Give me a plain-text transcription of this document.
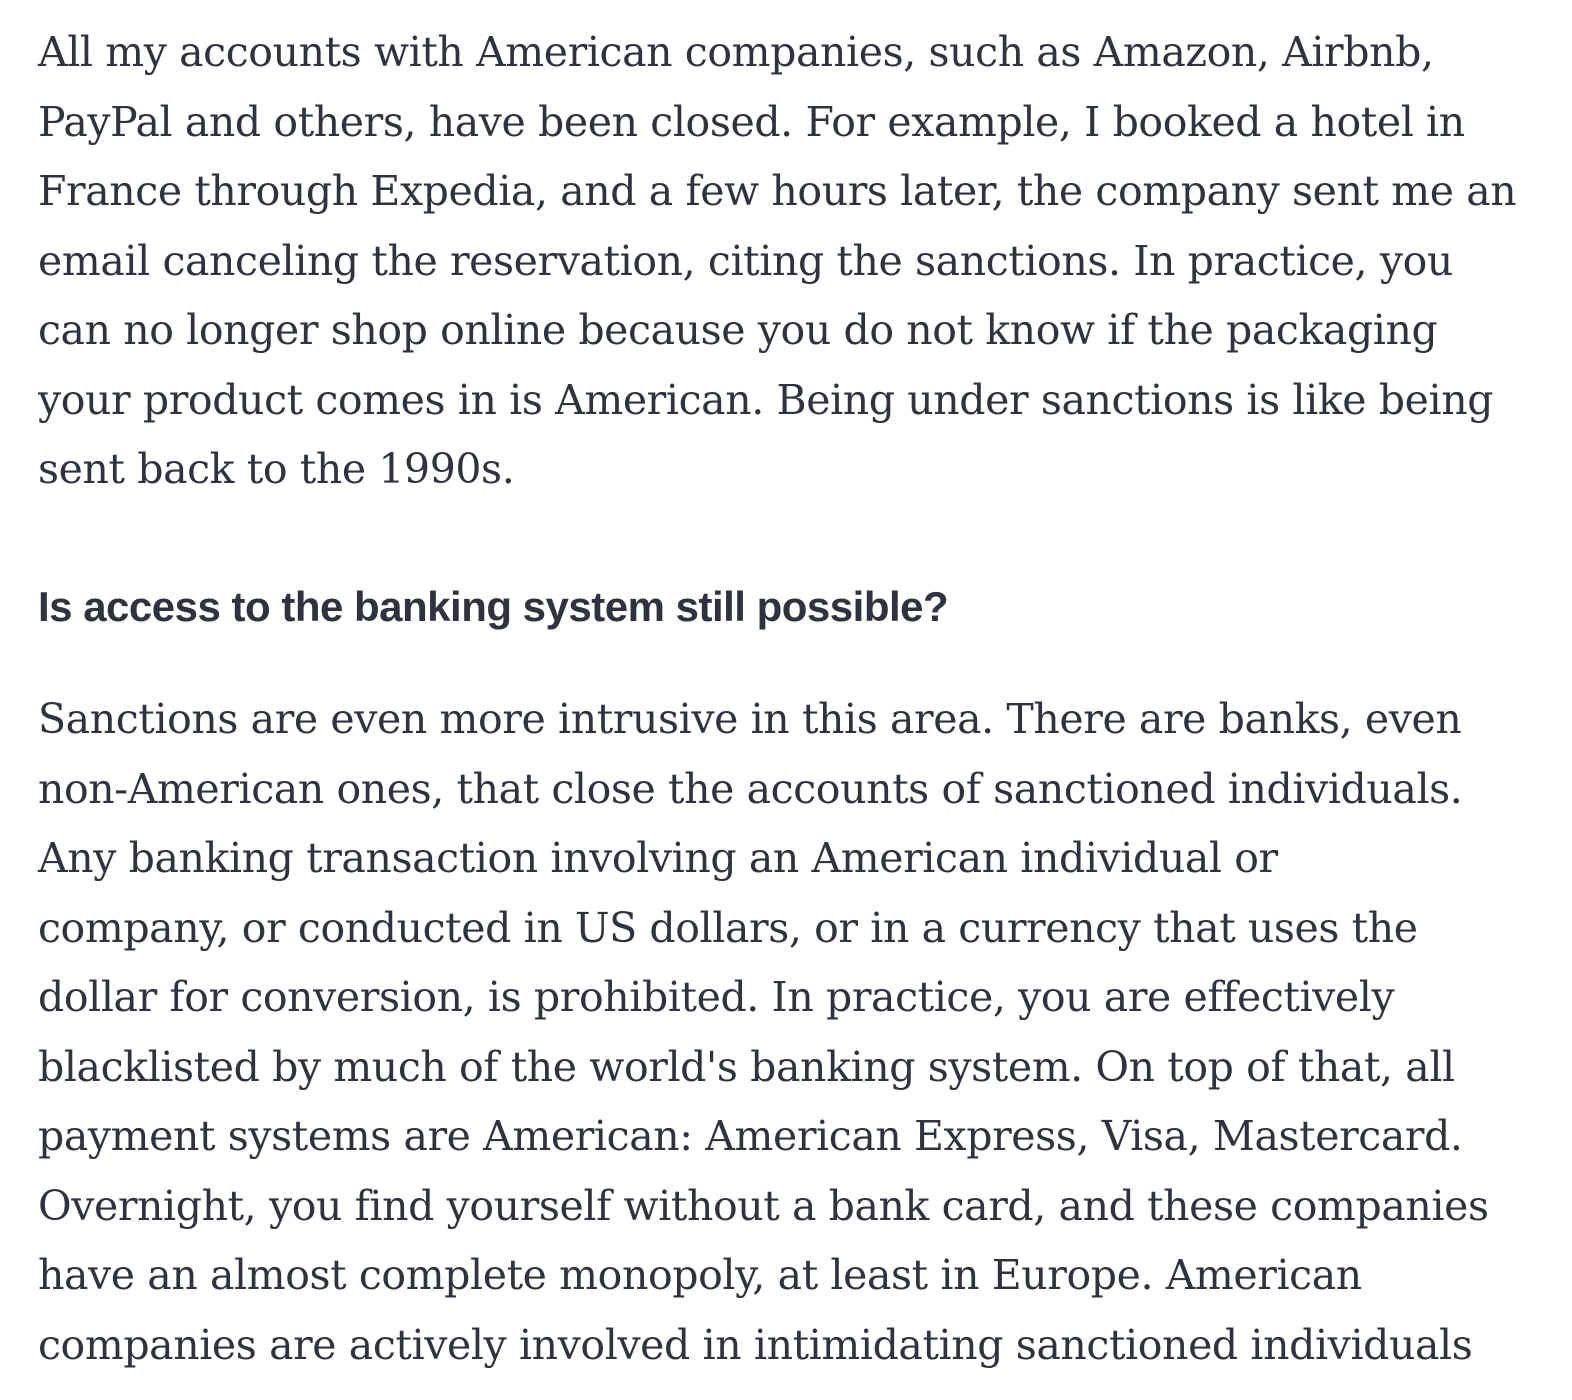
All my accounts with American companies, such as Amazon, Airbnb,
PayPal and others, have been closed. For example, I booked a hotel in
France through Expedia, and a few hours later, the company sent me an
email canceling the reservation, citing the sanctions. In practice, you
can no longer shop online because you do not know if the packaging
your product comes in is American. Being under sanctions is like being
sent back to the 1990s.

Is access to the banking system still possible?

Sanctions are even more intrusive in this area. There are banks, even
non-American ones, that close the accounts of sanctioned individuals.
Any banking transaction involving an American individual or
company, or conducted in US dollars, or in a currency that uses the
dollar for conversion, is prohibited. In practice, you are effectively
blacklisted by much of the world's banking system. On top of that, all
payment systems are American: American Express, Visa, Mastercard.
Overnight, you find yourself without a bank card, and these companies
have an almost complete monopoly, at least in Europe. American
companies are actively involved in intimidating sanctioned individuals
